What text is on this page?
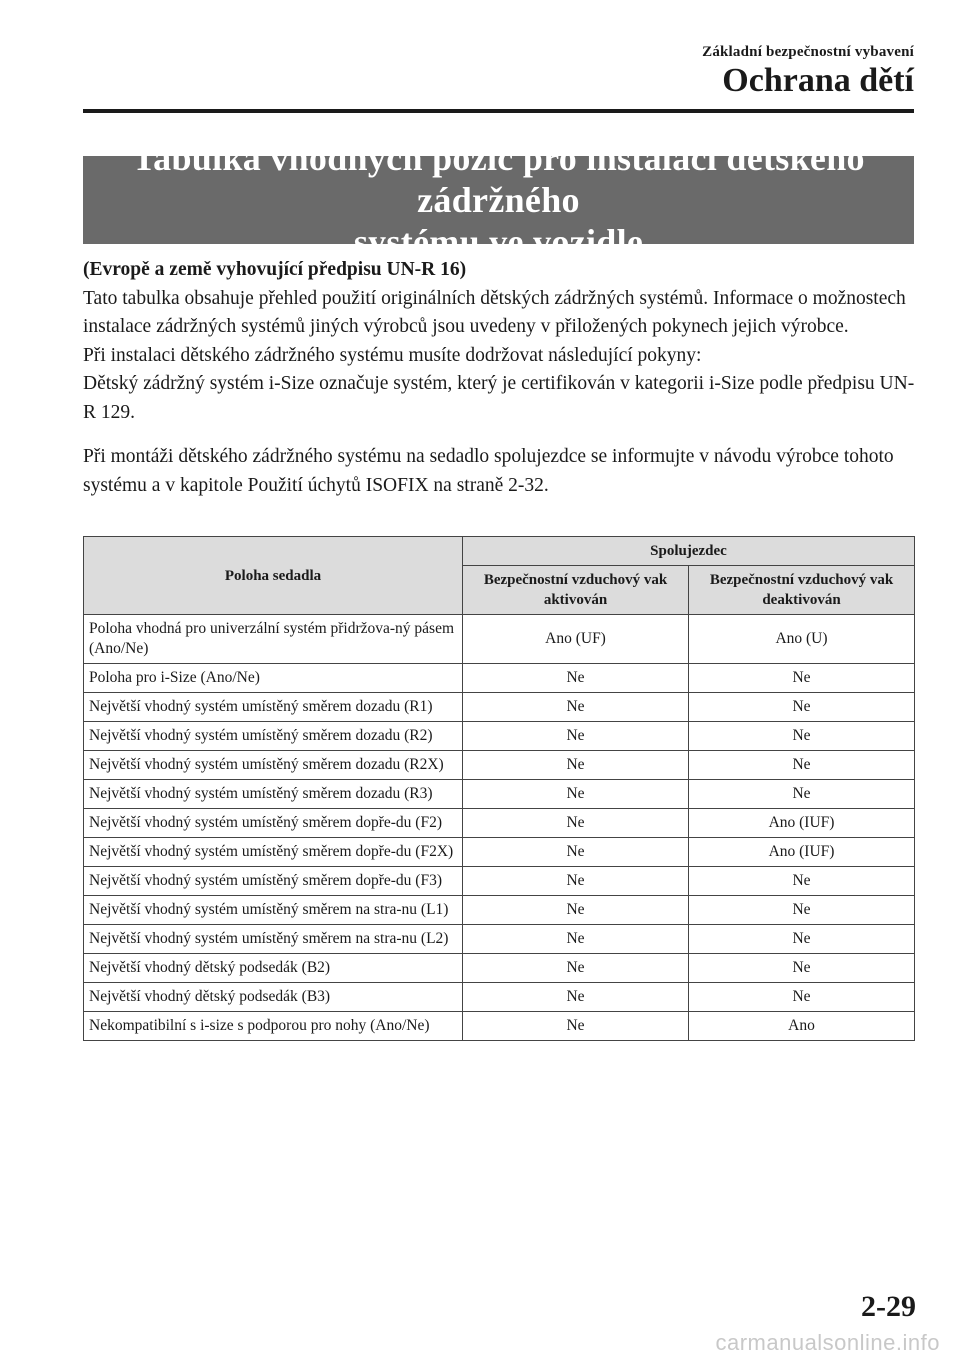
Základní bezpečnostní vybavení
Ochrana dětí
Tabulka vhodných pozic pro instalaci dětského zádržného
systému ve vozidle

(Evropě a země vyhovující předpisu UN-R 16)

Tato tabulka obsahuje přehled použití originálních dětských zádržných systémů. Informace o možnostech instalace zádržných systémů jiných výrobců jsou uvedeny v přiložených pokynech jejich výrobce.

Při instalaci dětského zádržného systému musíte dodržovat následující pokyny:

Dětský zádržný systém i-Size označuje systém, který je certifikován v kategorii i-Size podle předpisu UN-R 129.

Při montáži dětského zádržného systému na sedadlo spolujezdce se informujte v návodu výrobce tohoto systému a v kapitole Použití úchytů ISOFIX na straně 2-32.

Poloha sedadla	Spolujezdec	
	Bezpečnostní vzduchový vak aktivován	Bezpečnostní vzduchový vak deaktivován
Poloha vhodná pro univerzální systém přidržova-ný pásem (Ano/Ne)	Ano (UF)	Ano (U)
Poloha pro i-Size (Ano/Ne)	Ne	Ne
Největší vhodný systém umístěný směrem dozadu (R1)	Ne	Ne
Největší vhodný systém umístěný směrem dozadu (R2)	Ne	Ne
Největší vhodný systém umístěný směrem dozadu (R2X)	Ne	Ne
Největší vhodný systém umístěný směrem dozadu (R3)	Ne	Ne
Největší vhodný systém umístěný směrem dopře-du (F2)	Ne	Ano (IUF)
Největší vhodný systém umístěný směrem dopře-du (F2X)	Ne	Ano (IUF)
Největší vhodný systém umístěný směrem dopře-du (F3)	Ne	Ne
Největší vhodný systém umístěný směrem na stra-nu (L1)	Ne	Ne
Největší vhodný systém umístěný směrem na stra-nu (L2)	Ne	Ne
Největší vhodný dětský podsedák (B2)	Ne	Ne
Největší vhodný dětský podsedák (B3)	Ne	Ne
Nekompatibilní s i-size s podporou pro nohy (Ano/Ne)	Ne	Ano
2-29
carmanualsonline.info
